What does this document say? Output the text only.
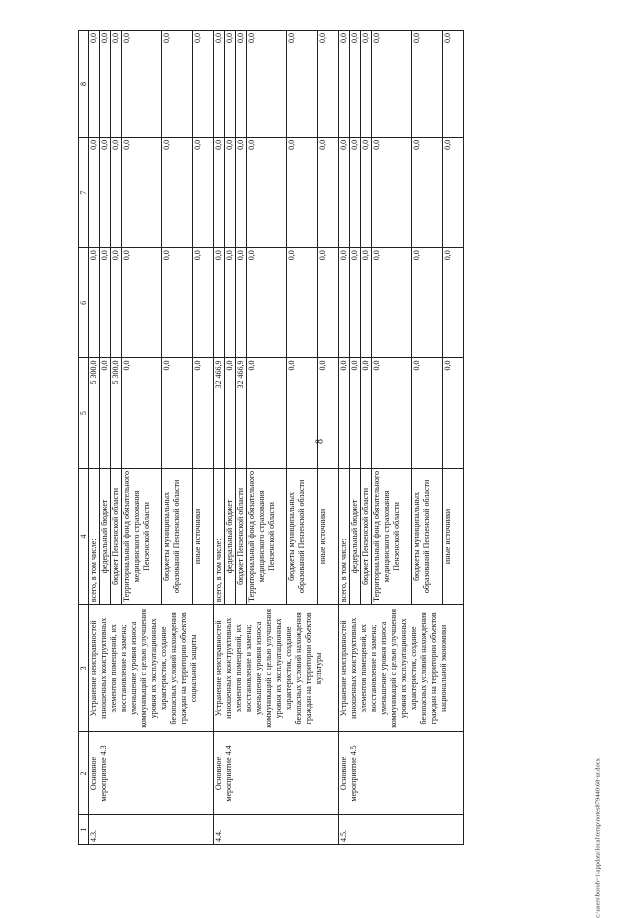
8
1	2	3	4	5	6	7	8
4.3.	Основное мероприятие 4.3	Устранение неисправностей изношенных конструктивных элементов помещений, их восстановление и замена; уменьшение уровня износа коммуникаций с целью улучшения уровня их эксплуатационных характеристик, создание безопасных условий нахождения граждан на территории объектов социальной защиты	всего, в том числе:	5 300,0	0,0	0,0	0,0
			федеральный бюджет	0,0	0,0	0,0	0,0
			бюджет Пензенской области	5 300,0	0,0	0,0	0,0
			Территориальный фонд обязательного медицинского страхования Пензенской области	0,0	0,0	0,0	0,0
			бюджеты муниципальных образований Пензенской области	0,0	0,0	0,0	0,0
			иные источники	0,0	0,0	0,0	0,0
4.4.	Основное мероприятие 4.4	Устранение неисправностей изношенных конструктивных элементов помещений, их восстановление и замена; уменьшение уровня износа коммуникаций с целью улучшения уровня их эксплуатационных характеристик, создание безопасных условий нахождения граждан на территории объектов культуры	всего, в том числе:	32 466,9	0,0	0,0	0,0
			федеральный бюджет	0,0	0,0	0,0	0,0
			бюджет Пензенской области	32 466,9	0,0	0,0	0,0
			Территориальный фонд обязательного медицинского страхования Пензенской области	0,0	0,0	0,0	0,0
			бюджеты муниципальных образований Пензенской области	0,0	0,0	0,0	0,0
			иные источники	0,0	0,0	0,0	0,0
4.5.	Основное мероприятие 4.5	Устранение неисправностей изношенных конструктивных элементов помещений, их восстановление и замена; уменьшение уровня износа коммуникаций с целью улучшения уровня их эксплуатационных характеристик, создание безопасных условий нахождения граждан на территории объектов национальной экономики	всего, в том числе:	0,0	0,0	0,0	0,0
			федеральный бюджет	0,0	0,0	0,0	0,0
			бюджет Пензенской области	0,0	0,0	0,0	0,0
			Территориальный фонд обязательного медицинского страхования Пензенской области	0,0	0,0	0,0	0,0
			бюджеты муниципальных образований Пензенской области	0,0	0,0	0,0	0,0
			иные источники	0,0	0,0	0,0	0,0
c:\users\boroh~1\appdata\local\temp\notes879440\68-ur.docx
